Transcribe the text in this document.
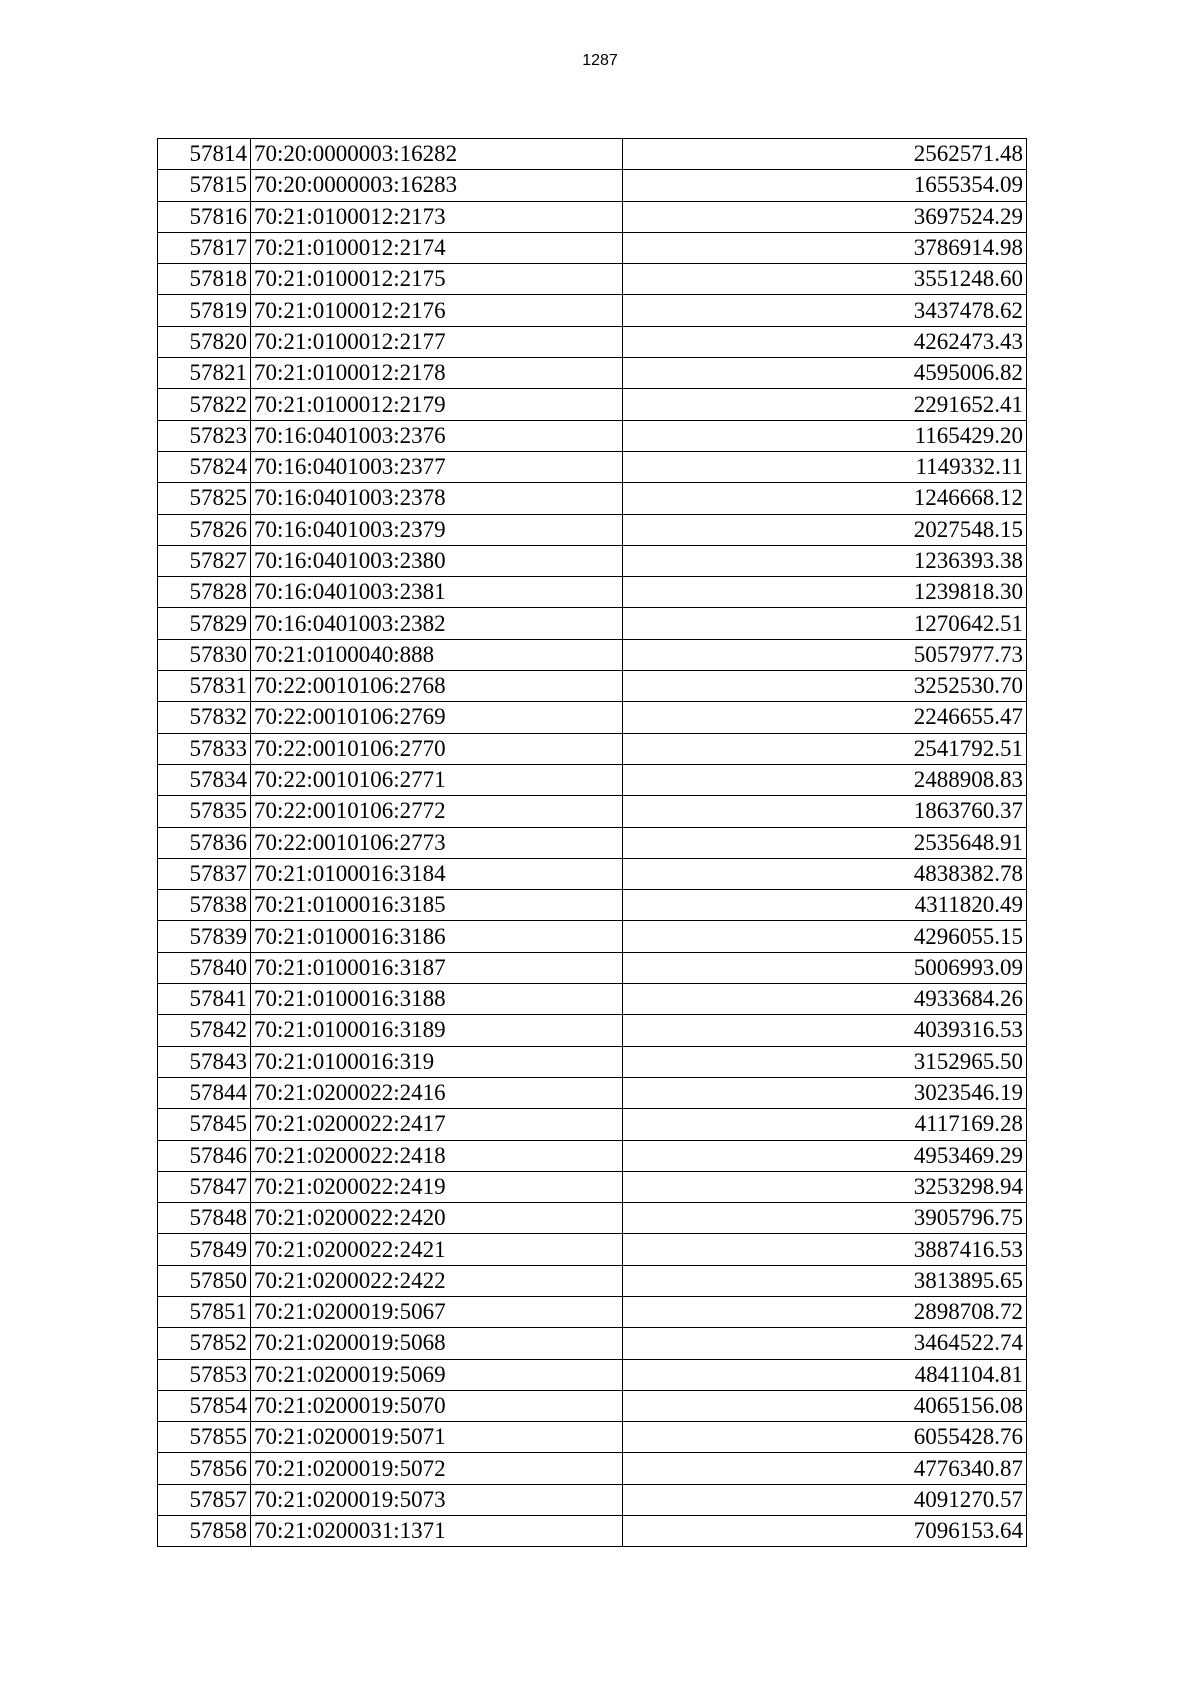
1287
57814	70:20:0000003:16282	2562571.48
57815	70:20:0000003:16283	1655354.09
57816	70:21:0100012:2173	3697524.29
57817	70:21:0100012:2174	3786914.98
57818	70:21:0100012:2175	3551248.60
57819	70:21:0100012:2176	3437478.62
57820	70:21:0100012:2177	4262473.43
57821	70:21:0100012:2178	4595006.82
57822	70:21:0100012:2179	2291652.41
57823	70:16:0401003:2376	1165429.20
57824	70:16:0401003:2377	1149332.11
57825	70:16:0401003:2378	1246668.12
57826	70:16:0401003:2379	2027548.15
57827	70:16:0401003:2380	1236393.38
57828	70:16:0401003:2381	1239818.30
57829	70:16:0401003:2382	1270642.51
57830	70:21:0100040:888	5057977.73
57831	70:22:0010106:2768	3252530.70
57832	70:22:0010106:2769	2246655.47
57833	70:22:0010106:2770	2541792.51
57834	70:22:0010106:2771	2488908.83
57835	70:22:0010106:2772	1863760.37
57836	70:22:0010106:2773	2535648.91
57837	70:21:0100016:3184	4838382.78
57838	70:21:0100016:3185	4311820.49
57839	70:21:0100016:3186	4296055.15
57840	70:21:0100016:3187	5006993.09
57841	70:21:0100016:3188	4933684.26
57842	70:21:0100016:3189	4039316.53
57843	70:21:0100016:319	3152965.50
57844	70:21:0200022:2416	3023546.19
57845	70:21:0200022:2417	4117169.28
57846	70:21:0200022:2418	4953469.29
57847	70:21:0200022:2419	3253298.94
57848	70:21:0200022:2420	3905796.75
57849	70:21:0200022:2421	3887416.53
57850	70:21:0200022:2422	3813895.65
57851	70:21:0200019:5067	2898708.72
57852	70:21:0200019:5068	3464522.74
57853	70:21:0200019:5069	4841104.81
57854	70:21:0200019:5070	4065156.08
57855	70:21:0200019:5071	6055428.76
57856	70:21:0200019:5072	4776340.87
57857	70:21:0200019:5073	4091270.57
57858	70:21:0200031:1371	7096153.64
